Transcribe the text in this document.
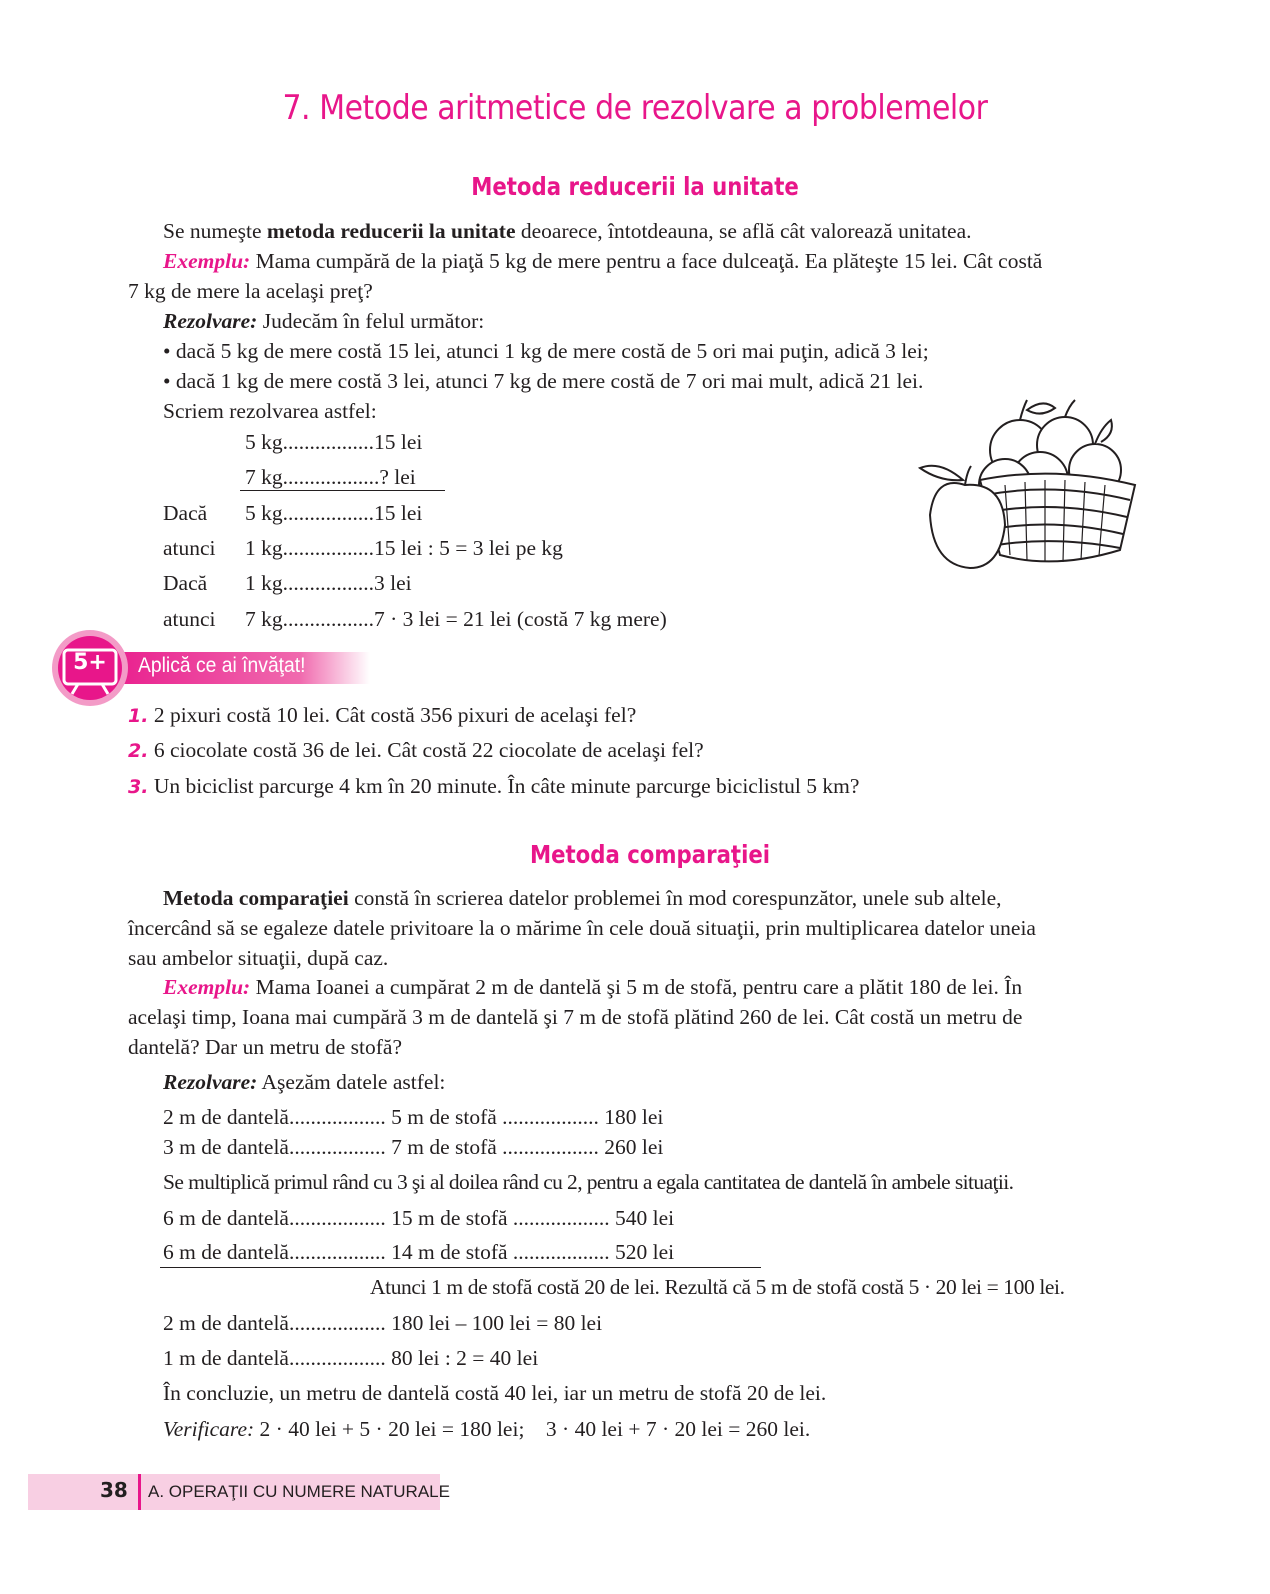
7. Metode aritmetice de rezolvare a problemelor
Metoda reducerii la unitate
Se numeşte metoda reducerii la unitate deoarece, întotdeauna, se află cât valorează unitatea.
Exemplu: Mama cumpără de la piaţă 5 kg de mere pentru a face dulceaţă. Ea plăteşte 15 lei. Cât costă
7 kg de mere la acelaşi preţ?
Rezolvare: Judecăm în felul următor:
• dacă 5 kg de mere costă 15 lei, atunci 1 kg de mere costă de 5 ori mai puţin, adică 3 lei;
• dacă 1 kg de mere costă 3 lei, atunci 7 kg de mere costă de 7 ori mai mult, adică 21 lei.
Scriem rezolvarea astfel:
5 kg.................15 lei
7 kg..................? lei
Dacă 5 kg.................15 lei
atunci 1 kg.................15 lei : 5 = 3 lei pe kg
Dacă 1 kg.................3 lei
atunci 7 kg.................7 · 3 lei = 21 lei (costă 7 kg mere)
5+	Aplică ce ai învăţat!
1. 2 pixuri costă 10 lei. Cât costă 356 pixuri de acelaşi fel?
2. 6 ciocolate costă 36 de lei. Cât costă 22 ciocolate de acelaşi fel?
3. Un biciclist parcurge 4 km în 20 minute. În câte minute parcurge biciclistul 5 km?
Metoda comparaţiei
Metoda comparaţiei constă în scrierea datelor problemei în mod corespunzător, unele sub altele,
încercând să se egaleze datele privitoare la o mărime în cele două situaţii, prin multiplicarea datelor uneia
sau ambelor situaţii, după caz.
Exemplu: Mama Ioanei a cumpărat 2 m de dantelă şi 5 m de stofă, pentru care a plătit 180 de lei. În
acelaşi timp, Ioana mai cumpără 3 m de dantelă şi 7 m de stofă plătind 260 de lei. Cât costă un metru de
dantelă? Dar un metru de stofă?
Rezolvare: Aşezăm datele astfel:
2 m de dantelă.................. 5 m de stofă .................. 180 lei
3 m de dantelă.................. 7 m de stofă .................. 260 lei
Se multiplică primul rând cu 3 şi al doilea rând cu 2, pentru a egala cantitatea de dantelă în ambele situaţii.
6 m de dantelă.................. 15 m de stofă .................. 540 lei
6 m de dantelă.................. 14 m de stofă .................. 520 lei
Atunci 1 m de stofă costă 20 de lei. Rezultă că 5 m de stofă costă 5 · 20 lei = 100 lei.
2 m de dantelă.................. 180 lei – 100 lei = 80 lei
1 m de dantelă.................. 80 lei : 2 = 40 lei
În concluzie, un metru de dantelă costă 40 lei, iar un metru de stofă 20 de lei.
Verificare: 2 · 40 lei + 5 · 20 lei = 180 lei;    3 · 40 lei + 7 · 20 lei = 260 lei.
38 A. OPERAŢII CU NUMERE NATURALE
